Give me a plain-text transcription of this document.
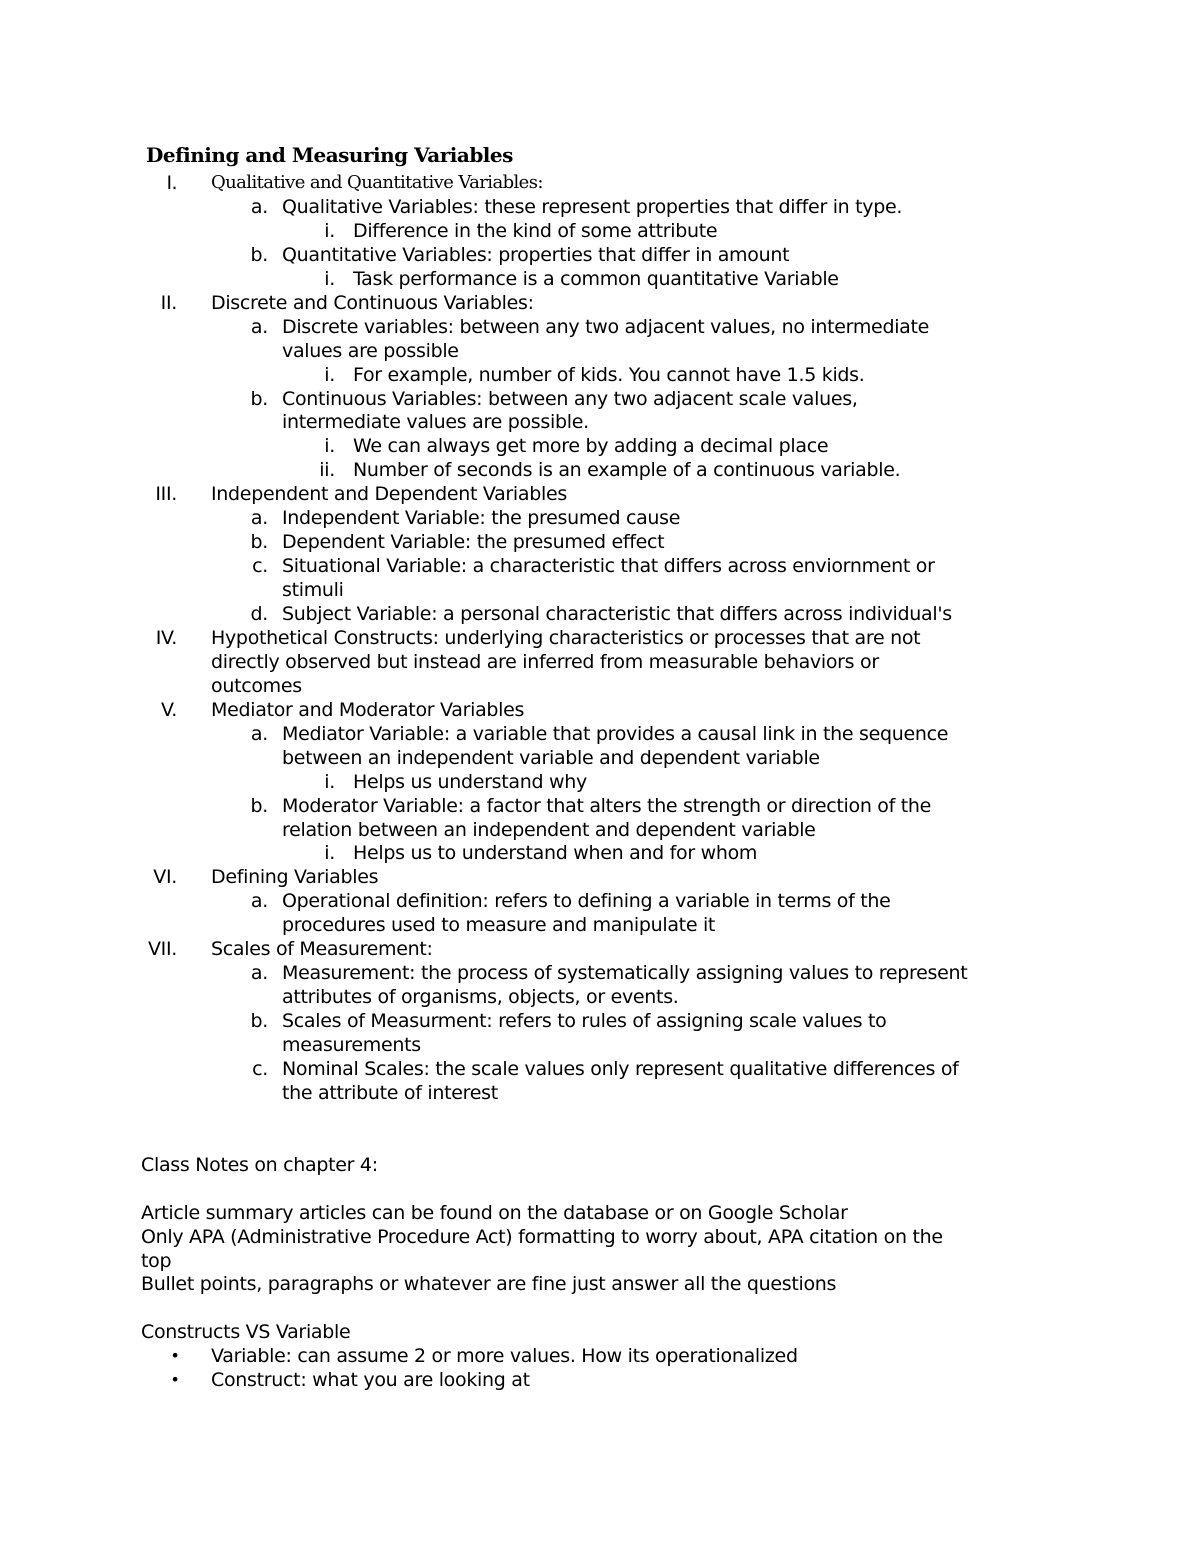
Defining and Measuring Variables
I. Qualitative and Quantitative Variables:
a. Qualitative Variables: these represent properties that differ in type.
i. Difference in the kind of some attribute
b. Quantitative Variables: properties that differ in amount
i. Task performance is a common quantitative Variable
II. Discrete and Continuous Variables:
a. Discrete variables: between any two adjacent values, no intermediate
values are possible
i. For example, number of kids. You cannot have 1.5 kids.
b. Continuous Variables: between any two adjacent scale values,
intermediate values are possible.
i. We can always get more by adding a decimal place
ii. Number of seconds is an example of a continuous variable.
III. Independent and Dependent Variables
a. Independent Variable: the presumed cause
b. Dependent Variable: the presumed effect
c. Situational Variable: a characteristic that differs across enviornment or
stimuli
d. Subject Variable: a personal characteristic that differs across individual's
IV. Hypothetical Constructs: underlying characteristics or processes that are not
directly observed but instead are inferred from measurable behaviors or
outcomes
V. Mediator and Moderator Variables
a. Mediator Variable: a variable that provides a causal link in the sequence
between an independent variable and dependent variable
i. Helps us understand why
b. Moderator Variable: a factor that alters the strength or direction of the
relation between an independent and dependent variable
i. Helps us to understand when and for whom
VI. Defining Variables
a. Operational definition: refers to defining a variable in terms of the
procedures used to measure and manipulate it
VII. Scales of Measurement:
a. Measurement: the process of systematically assigning values to represent
attributes of organisms, objects, or events.
b. Scales of Measurment: refers to rules of assigning scale values to
measurements
c. Nominal Scales: the scale values only represent qualitative differences of
the attribute of interest
Class Notes on chapter 4:
Article summary articles can be found on the database or on Google Scholar
Only APA (Administrative Procedure Act) formatting to worry about, APA citation on the
top
Bullet points, paragraphs or whatever are fine just answer all the questions
Constructs VS Variable
•	Variable: can assume 2 or more values. How its operationalized
•	Construct: what you are looking at
